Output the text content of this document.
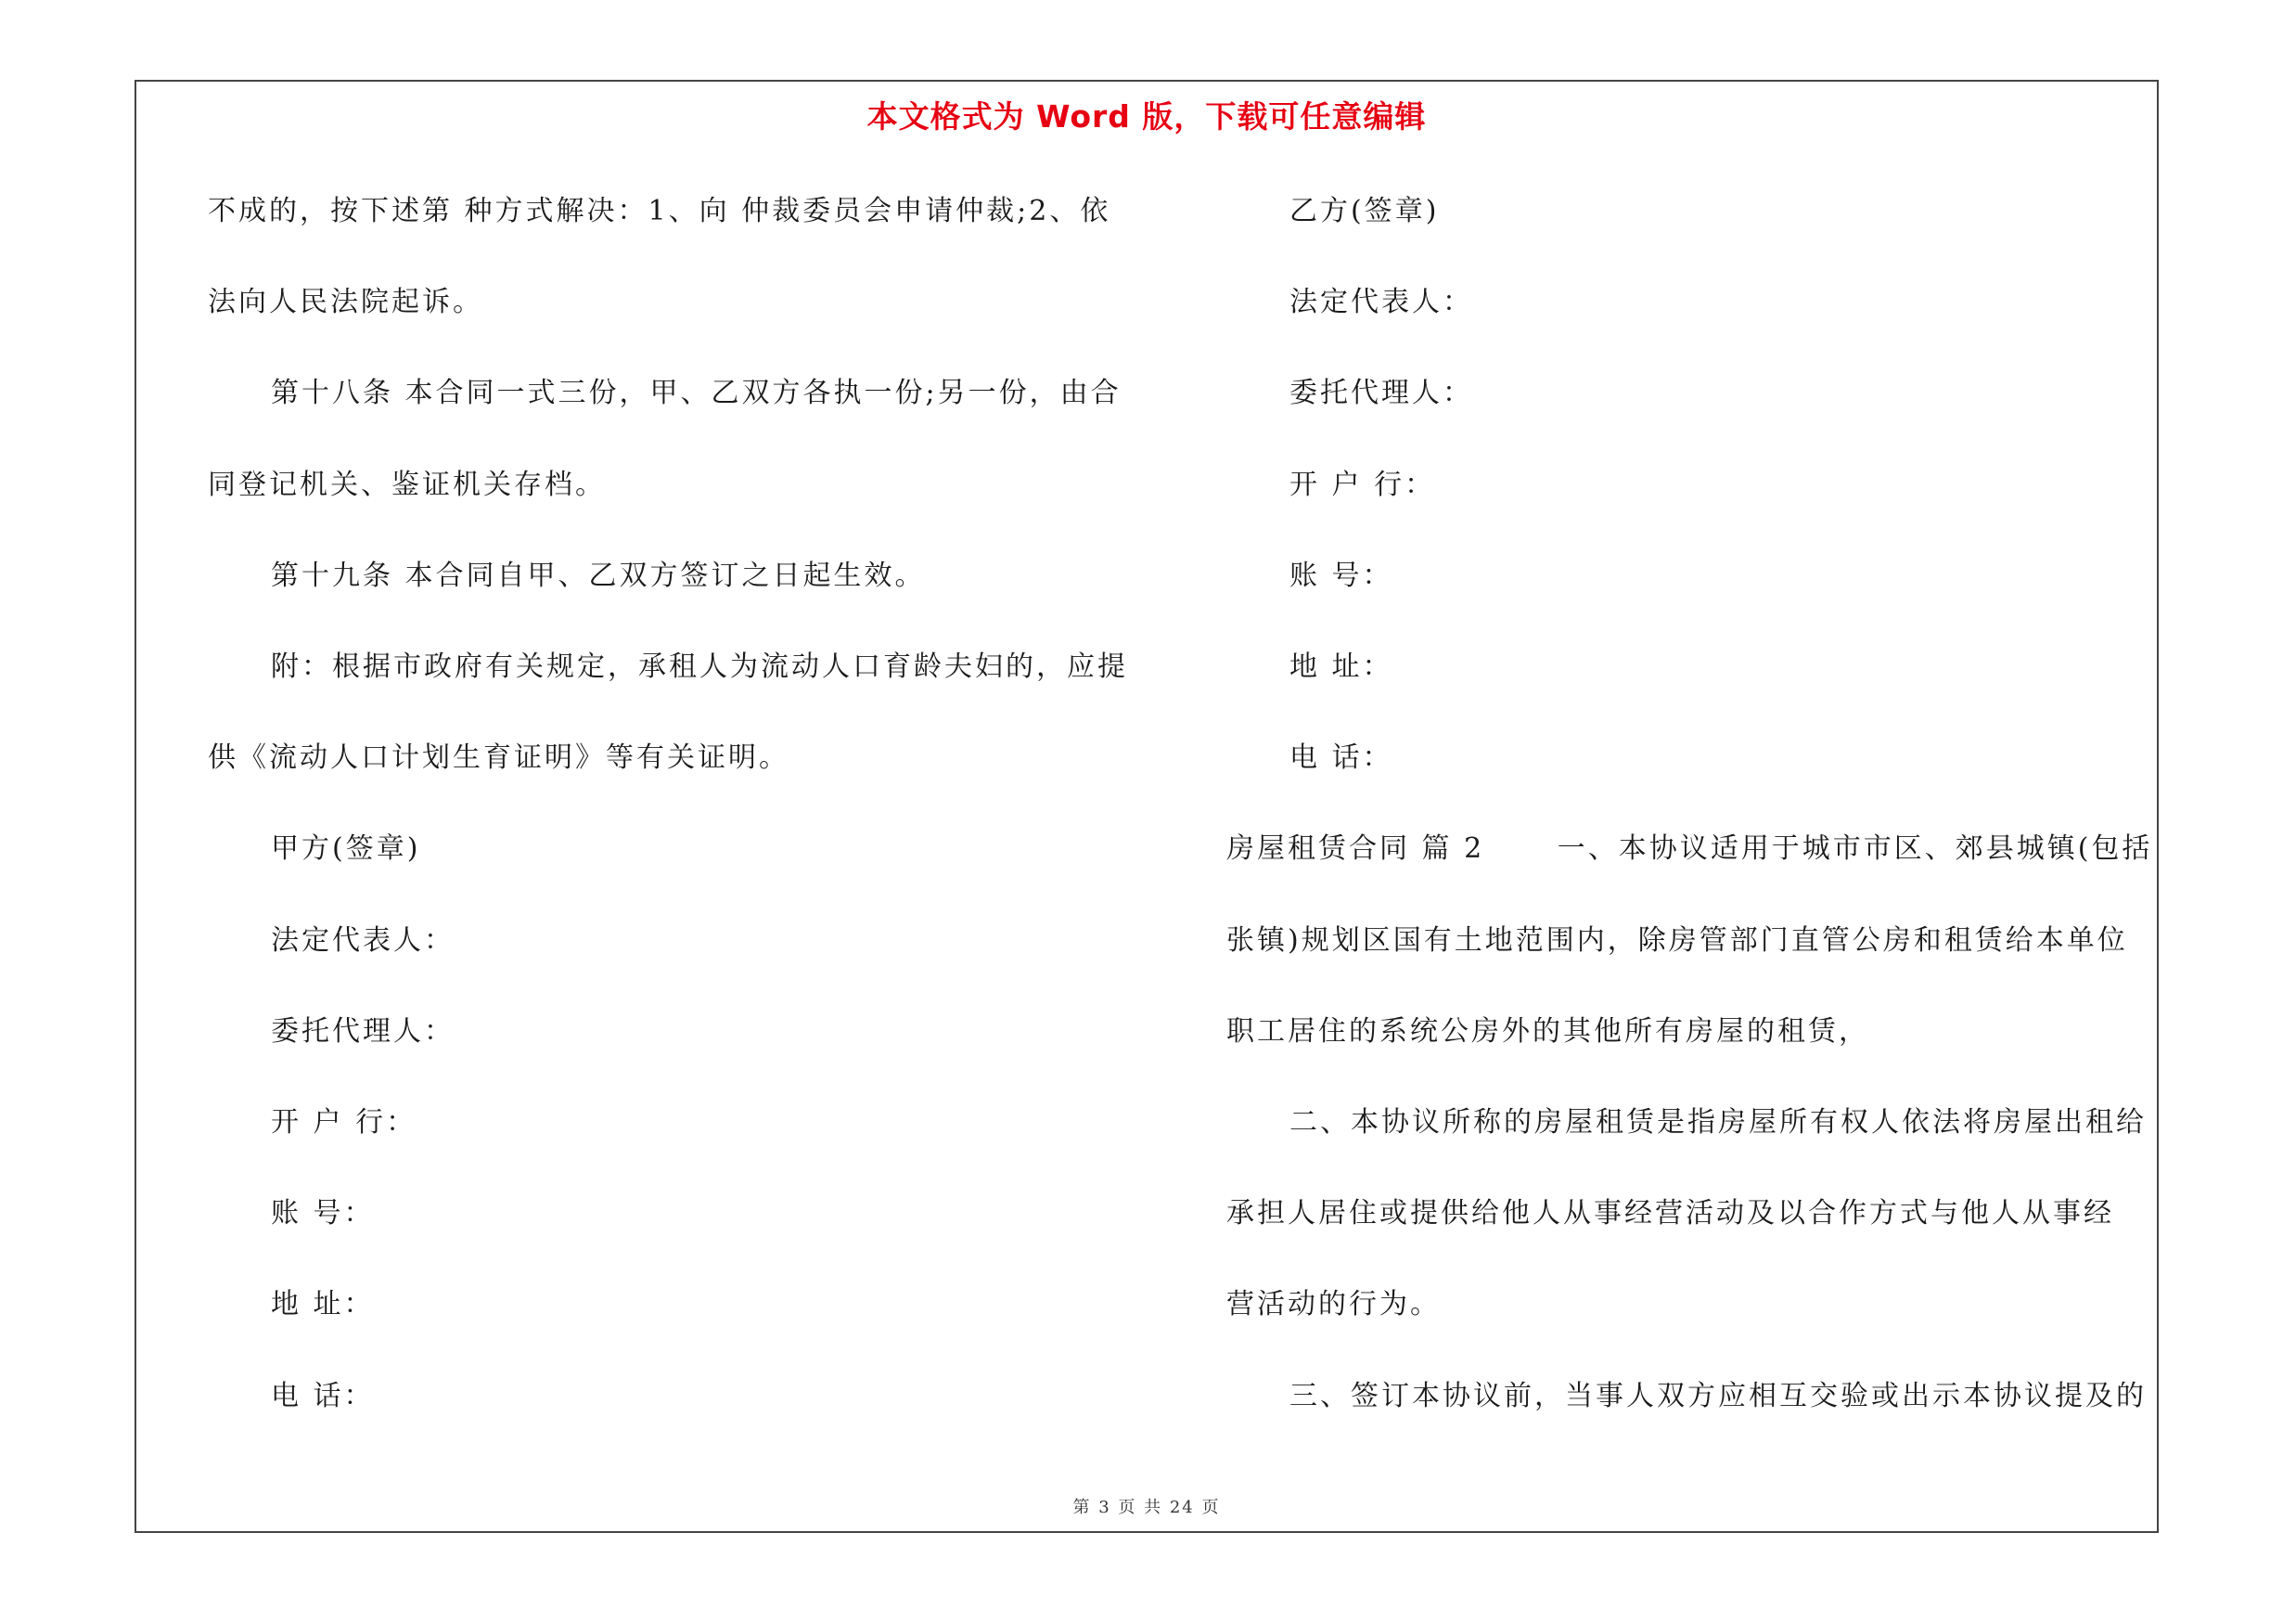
本文格式为 Word 版，下载可任意编辑
不成的，按下述第 种方式解决：1、向 仲裁委员会申请仲裁;2、依
法向人民法院起诉。
第十八条 本合同一式三份，甲、乙双方各执一份;另一份，由合
同登记机关、鉴证机关存档。
第十九条 本合同自甲、乙双方签订之日起生效。
附：根据市政府有关规定，承租人为流动人口育龄夫妇的，应提
供《流动人口计划生育证明》等有关证明。
甲方(签章)
法定代表人：
委托代理人：
开 户 行：
账 号：
地 址：
电 话：
乙方(签章)
法定代表人：
委托代理人：
开 户 行：
账 号：
地 址：
电 话：
房屋租赁合同 篇 2 　　一、本协议适用于城市市区、郊县城镇(包括
张镇)规划区国有土地范围内，除房管部门直管公房和租赁给本单位
职工居住的系统公房外的其他所有房屋的租赁，
二、本协议所称的房屋租赁是指房屋所有权人依法将房屋出租给
承担人居住或提供给他人从事经营活动及以合作方式与他人从事经
营活动的行为。
三、签订本协议前，当事人双方应相互交验或出示本协议提及的
第 3 页 共 24 页
